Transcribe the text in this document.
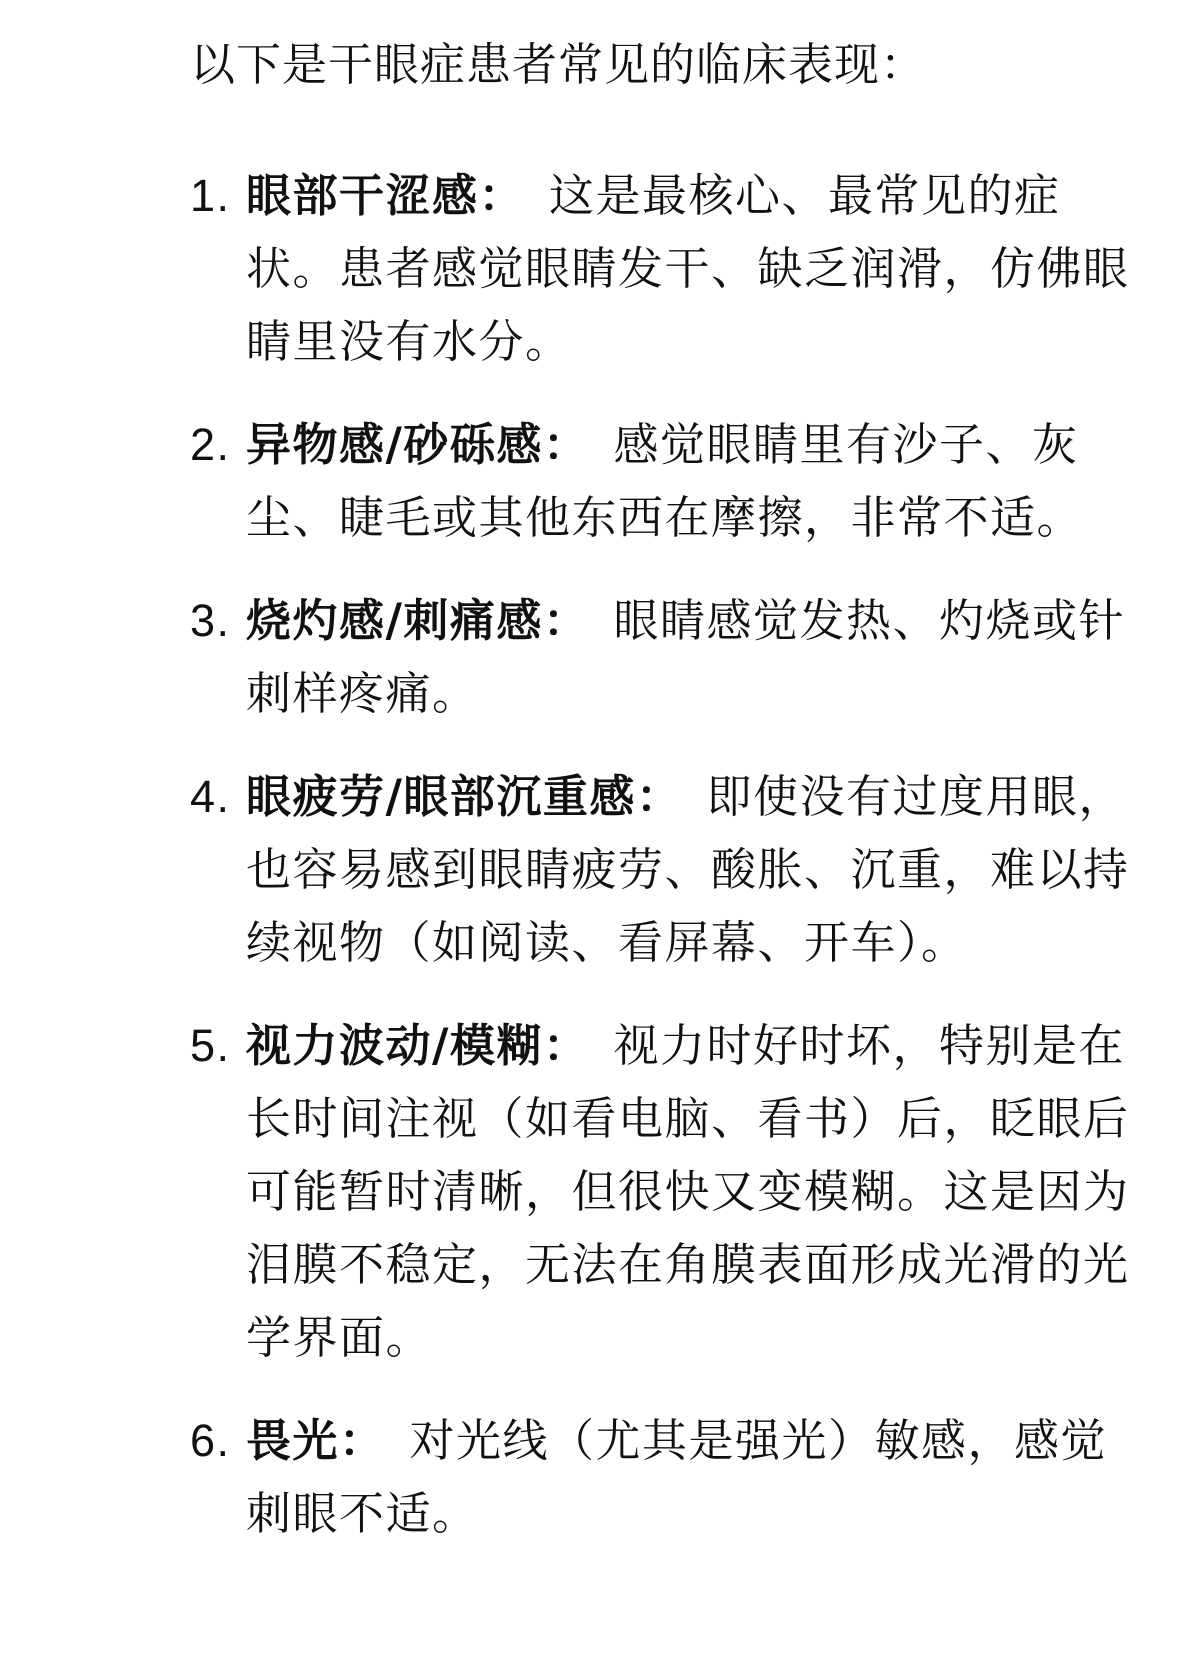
以下是干眼症患者常见的临床表现：

1. 眼部干涩感： 这是最核心、最常见的症状。患者感觉眼睛发干、缺乏润滑，仿佛眼睛里没有水分。
2. 异物感/砂砾感： 感觉眼睛里有沙子、灰尘、睫毛或其他东西在摩擦，非常不适。
3. 烧灼感/刺痛感： 眼睛感觉发热、灼烧或针刺样疼痛。
4. 眼疲劳/眼部沉重感： 即使没有过度用眼，也容易感到眼睛疲劳、酸胀、沉重，难以持续视物（如阅读、看屏幕、开车）。
5. 视力波动/模糊： 视力时好时坏，特别是在长时间注视（如看电脑、看书）后，眨眼后可能暂时清晰，但很快又变模糊。这是因为泪膜不稳定，无法在角膜表面形成光滑的光学界面。
6. 畏光： 对光线（尤其是强光）敏感，感觉刺眼不适。
